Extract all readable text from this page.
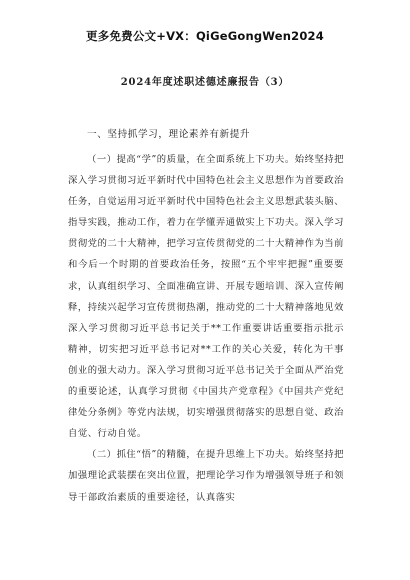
更多免费公文+VX：QiGeGongWen2024
2024年度述职述德述廉报告（3）

一、坚持抓学习，理论素养有新提升

（一）提高“学”的质量，在全面系统上下功夫。始终坚持把深入学习贯彻习近平新时代中国特色社会主义思想作为首要政治任务，自觉运用习近平新时代中国特色社会主义思想武装头脑、指导实践，推动工作，着力在学懂弄通做实上下功夫。深入学习贯彻党的二十大精神，把学习宣传贯彻党的二十大精神作为当前和今后一个时期的首要政治任务，按照“五个牢牢把握”重要要求，认真组织学习、全面准确宣讲、开展专题培训、深入宣传阐释，持续兴起学习宣传贯彻热潮，推动党的二十大精神落地见效深入学习贯彻习近平总书记关于**工作重要讲话重要指示批示精神，切实把习近平总书记对**工作的关心关爱，转化为干事创业的强大动力。深入学习贯彻习近平总书记关于全面从严治党的重要论述，认真学习贯彻《中国共产党章程》《中国共产党纪律处分条例》等党内法规，切实增强贯彻落实的思想自觉、政治自觉、行动自觉。

（二）抓住“悟”的精髓，在提升思维上下功夫。始终坚持把加强理论武装摆在突出位置，把理论学习作为增强领导班子和领导干部政治素质的重要途径，认真落实
